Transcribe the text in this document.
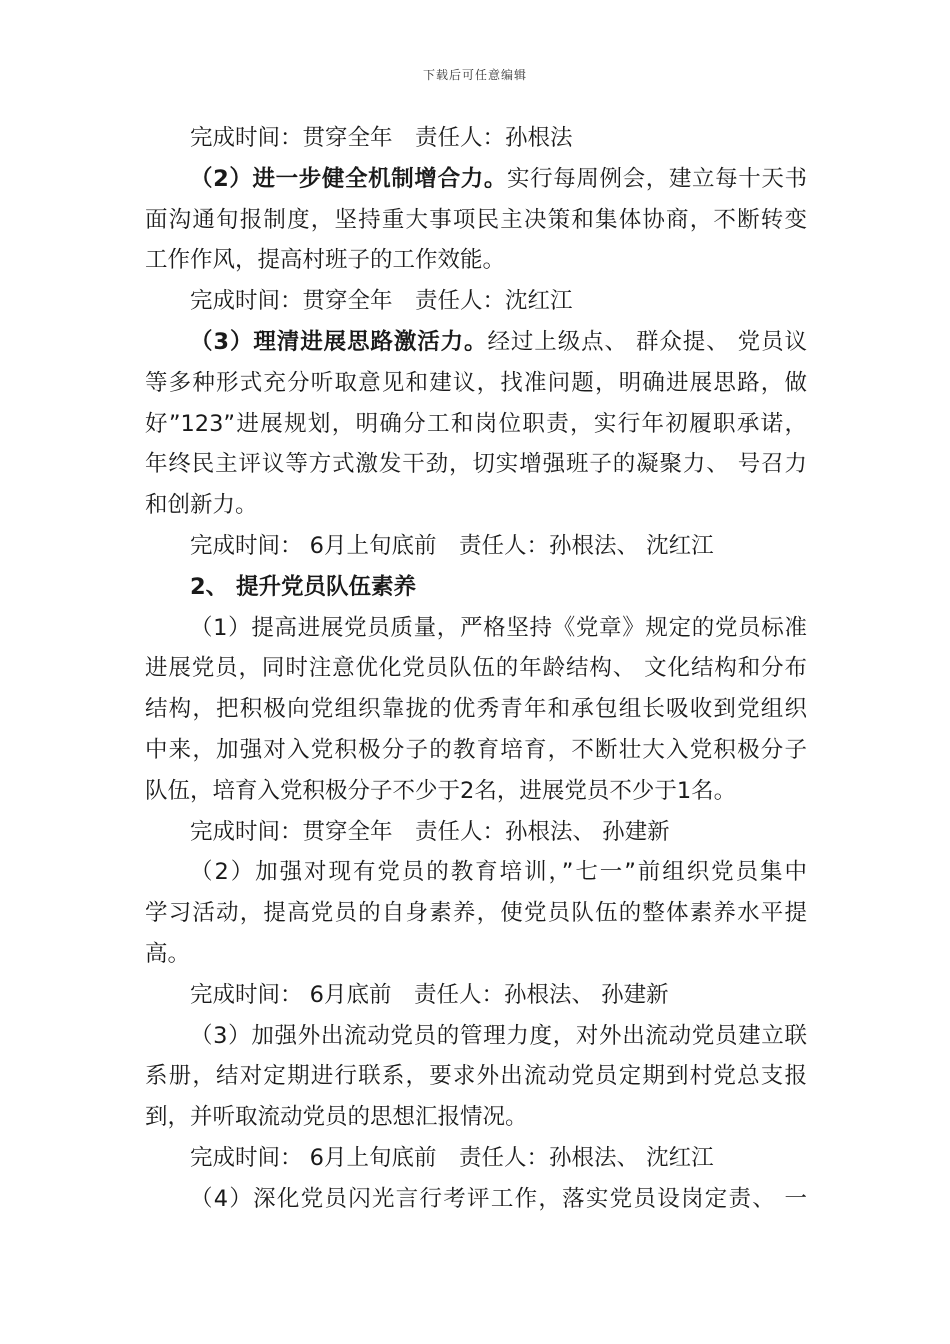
下载后可任意编辑
完成时间：贯穿全年　责任人：孙根法
（2）进一步健全机制增合力。实行每周例会，建立每十天书
面沟通旬报制度，坚持重大事项民主决策和集体协商，不断转变
工作作风，提高村班子的工作效能。
完成时间：贯穿全年　责任人：沈红江
（3）理清进展思路激活力。经过上级点、 群众提、 党员议
等多种形式充分听取意见和建议，找准问题，明确进展思路，做
好”123”进展规划，明确分工和岗位职责，实行年初履职承诺，
年终民主评议等方式激发干劲，切实增强班子的凝聚力、 号召力
和创新力。
完成时间： 6月上旬底前　责任人：孙根法、 沈红江
2、 提升党员队伍素养
（1）提高进展党员质量，严格坚持《党章》规定的党员标准
进展党员，同时注意优化党员队伍的年龄结构、 文化结构和分布
结构，把积极向党组织靠拢的优秀青年和承包组长吸收到党组织
中来，加强对入党积极分子的教育培育，不断壮大入党积极分子
队伍，培育入党积极分子不少于2名，进展党员不少于1名。
完成时间：贯穿全年　责任人：孙根法、 孙建新
（2）加强对现有党员的教育培训，”七一”前组织党员集中
学习活动，提高党员的自身素养，使党员队伍的整体素养水平提
高。
完成时间： 6月底前　责任人：孙根法、 孙建新
（3）加强外出流动党员的管理力度，对外出流动党员建立联
系册，结对定期进行联系，要求外出流动党员定期到村党总支报
到，并听取流动党员的思想汇报情况。
完成时间： 6月上旬底前　责任人：孙根法、 沈红江
（4）深化党员闪光言行考评工作，落实党员设岗定责、 一
